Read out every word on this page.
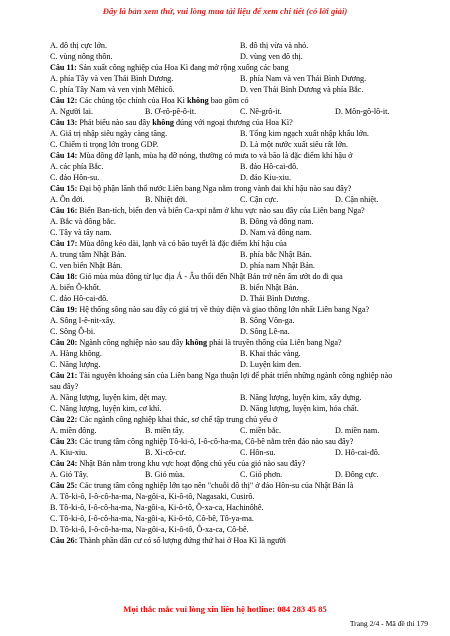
Đây là bản xem thử, vui lòng mua tài liệu để xem chi tiết (có lời giải)
A. đô thị cực lớn.	B. đô thị vừa và nhỏ.
C. vùng nông thôn.	D. vùng ven đô thị.
Câu 11: Sản xuất công nghiệp của Hoa Kì đang mở rộng xuống các bang
A. phía Tây và ven Thái Bình Dương.	B. phía Nam và ven Thái Bình Dương.
C. phía Tây Nam và ven vịnh Mêhicô.	D. ven Thái Bình Dương và phía Bắc.
Câu 12: Các chủng tộc chính của Hoa Kì không bao gồm có
A. Người lai.	B. Ơ-rô-pê-ô-it.	C. Nê-grô-it.	D. Môn-gô-lô-it.
Câu 13: Phát biểu nào sau đây không đúng với ngoại thương của Hoa Kì?
A. Giá trị nhập siêu ngày càng tăng.	B. Tổng kim ngạch xuất nhập khẩu lớn.
C. Chiếm tỉ trọng lớn trong GDP.	D. Là một nước xuất siêu rất lớn.
Câu 14: Mùa đông đỡ lạnh, mùa hạ đỡ nóng, thường có mưa to và bão là đặc điểm khí hậu ở
A. các phía Bắc.	B. đảo Hô-cai-đô.
C. đảo Hôn-su.	D. đảo Kiu-xiu.
Câu 15: Đại bộ phận lãnh thổ nước Liên bang Nga nằm trong vành đai khí hậu nào sau đây?
A. Ôn đới.	B. Nhiệt đới.	C. Cận cực.	D. Cận nhiệt.
Câu 16: Biển Ban-tích, biển đen và biển Ca-xpi nằm ở khu vực nào sau đây của Liên bang Nga?
A. Bắc và đông bắc.	B. Đông và đông nam.
C. Tây và tây nam.	D. Nam và đông nam.
Câu 17: Mùa đông kéo dài, lạnh và có bão tuyết là đặc điểm khí hậu của
A. trung tâm Nhật Bản.	B. phía bắc Nhật Bản.
C. ven biển Nhật Bản.	D. phía nam Nhật Bản.
Câu 18: Gió mùa mùa đông từ lục địa Á - Âu thổi đến Nhật Bản trở nên ấm ướt do đi qua
A. biển Ô-khốt.	B. biển Nhật Bản.
C. đảo Hô-cai-đô.	D. Thái Bình Dương.
Câu 19: Hệ thống sông nào sau đây có giá trị về thủy điện và giao thông lớn nhất Liên bang Nga?
A. Sông I-ê-nit-xây.	B. Sông Vôn-ga.
C. Sông Ô-bi.	D. Sông Lê-na.
Câu 20: Ngành công nghiệp nào sau đây không phải là truyền thống của Liên bang Nga?
A. Hàng không.	B. Khai thác vàng.
C. Năng lượng.	D. Luyện kim đen.
Câu 21: Tài nguyên khoáng sản của Liên bang Nga thuận lợi để phát triển những ngành công nghiệp nào
sau đây?
A. Năng lượng, luyện kim, dệt may.	B. Năng lượng, luyện kim, xây dựng.
C. Năng lượng, luyện kim, cơ khí.	D. Năng lượng, luyện kim, hóa chất.
Câu 22: Các ngành công nghiệp khai thác, sơ chế tập trung chủ yếu ở
A. miền đông.	B. miền tây.	C. miền bắc.	D. miền nam.
Câu 23: Các trung tâm công nghiệp Tô-ki-ô, I-ô-cô-ha-ma, Cô-bê nằm trên đảo nào sau đây?
A. Kiu-xiu.	B. Xi-cô-cư.	C. Hôn-su.	D. Hô-cai-đô.
Câu 24: Nhật Bản nằm trong khu vực hoạt động chủ yếu của gió nào sau đây?
A. Gió Tây.	B. Gió mùa.	C. Gió phơn.	D. Đông cực.
Câu 25: Các trung tâm công nghiệp lớn tạo nên "chuỗi đô thị" ở đảo Hôn-su của Nhật Bản là
A. Tô-ki-ô, I-ô-cô-ha-ma, Na-gôi-a, Ki-ô-tô, Nagasaki, Cusirô.
B. Tô-ki-ô, I-ô-cô-ha-ma, Na-gôi-a, Ki-ô-tô, Ô-xa-ca, Hachinôhê.
C. Tô-ki-ô, I-ô-cô-ha-ma, Na-gôi-a, Ki-ô-tô, Cô-bê, Tô-ya-ma.
D. Tô-ki-ô, I-ô-cô-ha-ma, Na-gôi-a, Ki-ô-tô, Ô-xa-ca, Cô-bê.
Câu 26: Thành phần dân cư có số lượng đứng thứ hai ở Hoa Kì là người
Mọi thắc mắc vui lòng xin liên hệ hotline: 084 283 45 85
Trang 2/4 - Mã đề thi 179
